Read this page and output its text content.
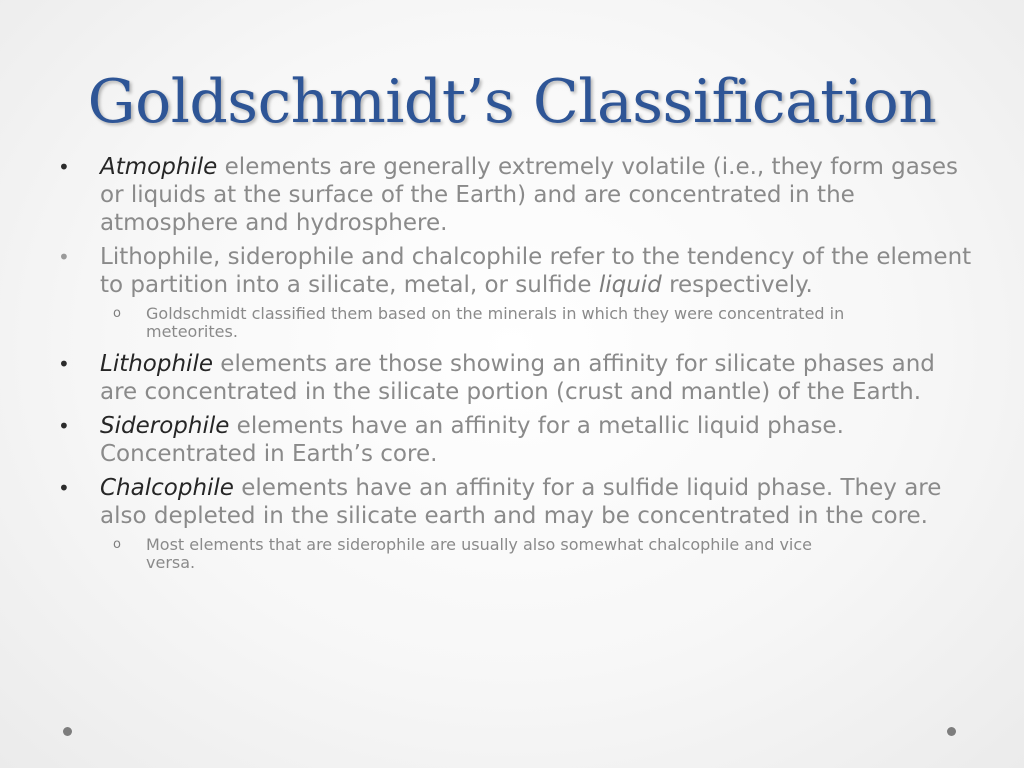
Goldschmidt’s Classification
•	Atmophile elements are generally extremely volatile (i.e., they form gases or liquids at the surface of the Earth) and are concentrated in the atmosphere and hydrosphere.
•	Lithophile, siderophile and chalcophile refer to the tendency of the element to partition into a silicate, metal, or sulfide liquid respectively.
o	Goldschmidt classified them based on the minerals in which they were concentrated in meteorites.
•	Lithophile elements are those showing an affinity for silicate phases and are concentrated in the silicate portion (crust and mantle) of the Earth.
•	Siderophile elements have an affinity for a metallic liquid phase. Concentrated in Earth’s core.
•	Chalcophile elements have an affinity for a sulfide liquid phase. They are also depleted in the silicate earth and may be concentrated in the core.
o	Most elements that are siderophile are usually also somewhat chalcophile and vice versa.
